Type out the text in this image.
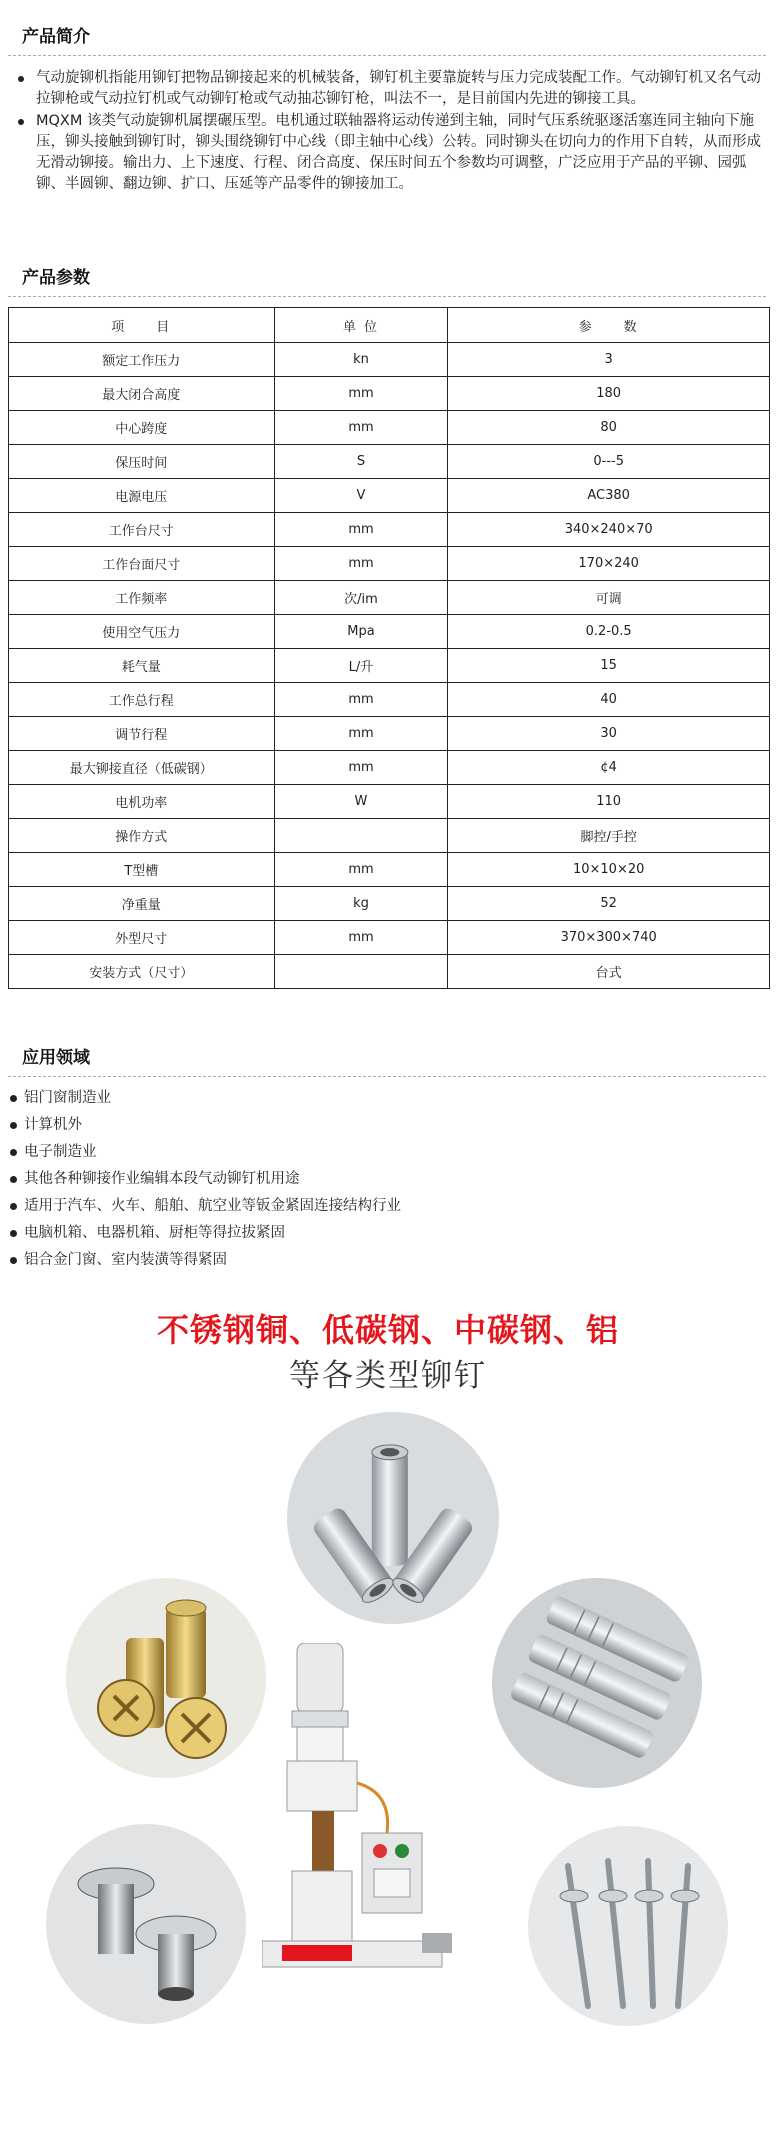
产品简介
气动旋铆机指能用铆钉把物品铆接起来的机械装备，铆钉机主要靠旋转与压力完成装配工作。气动铆钉机又名气动拉铆枪或气动拉钉机或气动铆钉枪或气动抽芯铆钉枪，叫法不一，是目前国内先进的铆接工具。
MQXM 该类气动旋铆机属摆碾压型。电机通过联轴器将运动传递到主轴，同时气压系统驱逐活塞连同主轴向下施压，铆头接触到铆钉时，铆头围绕铆钉中心线（即主轴中心线）公转。同时铆头在切向力的作用下自转，从而形成无滑动铆接。输出力、上下速度、行程、闭合高度、保压时间五个参数均可调整，广泛应用于产品的平铆、园弧铆、半圆铆、翻边铆、扩口、压延等产品零件的铆接加工。
产品参数
项　　目	单 位	参　　数
额定工作压力	kn	3
最大闭合高度	mm	180
中心跨度	mm	80
保压时间	S	0---5
电源电压	V	AC380
工作台尺寸	mm	340×240×70
工作台面尺寸	mm	170×240
工作频率	次/im	可调
使用空气压力	Mpa	0.2-0.5
耗气量	L/升	15
工作总行程	mm	40
调节行程	mm	30
最大铆接直径（低碳钢）	mm	¢4
电机功率	W	110
操作方式		脚控/手控
T型槽	mm	10×10×20
净重量	kg	52
外型尺寸	mm	370×300×740
安装方式（尺寸）		台式
应用领域
铝门窗制造业
计算机外
电子制造业
其他各种铆接作业编辑本段气动铆钉机用途
适用于汽车、火车、船舶、航空业等钣金紧固连接结构行业
电脑机箱、电器机箱、厨柜等得拉拔紧固
铝合金门窗、室内装潢等得紧固
不锈钢铜、低碳钢、中碳钢、铝
等各类型铆钉
